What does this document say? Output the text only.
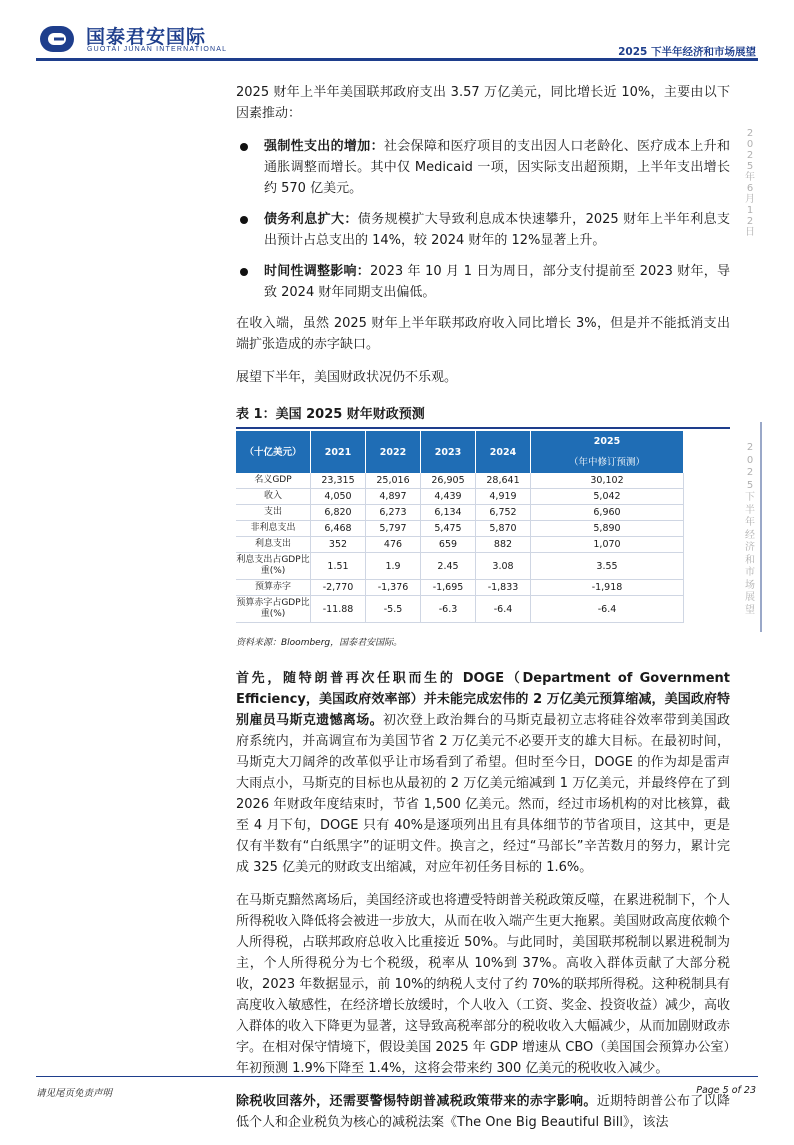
国泰君安国际
GUOTAI JUNAN INTERNATIONAL	2025 下半年经济和市场展望
2025年6月12日
2025下半年经济和市场展望

2025 财年上半年美国联邦政府支出 3.57 万亿美元，同比增长近 10%，主要由以下因素推动：

强制性支出的增加：社会保障和医疗项目的支出因人口老龄化、医疗成本上升和通胀调整而增长。其中仅 Medicaid 一项，因实际支出超预期，上半年支出增长约 570 亿美元。
债务利息扩大：债务规模扩大导致利息成本快速攀升，2025 财年上半年利息支出预计占总支出的 14%，较 2024 财年的 12%显著上升。
时间性调整影响：2023 年 10 月 1 日为周日，部分支付提前至 2023 财年，导致 2024 财年同期支出偏低。

在收入端，虽然 2025 财年上半年联邦政府收入同比增长 3%，但是并不能抵消支出端扩张造成的赤字缺口。

展望下半年，美国财政状况仍不乐观。

表 1：美国 2025 财年财政预测
（十亿美元）	2021	2022	2023	2024	2025
（年中修订预测）

名义GDP	23,315	25,016	26,905	28,641	30,102
收入	4,050	4,897	4,439	4,919	5,042
支出	6,820	6,273	6,134	6,752	6,960
非利息支出	6,468	5,797	5,475	5,870	5,890
利息支出	352	476	659	882	1,070
利息支出占GDP比重(%)	1.51	1.9	2.45	3.08	3.55
预算赤字	-2,770	-1,376	-1,695	-1,833	-1,918
预算赤字占GDP比重(%)	-11.88	-5.5	-6.3	-6.4	-6.4
资料来源：Bloomberg，国泰君安国际。

首先，随特朗普再次任职而生的 DOGE（Department of Government Efficiency，美国政府效率部）并未能完成宏伟的 2 万亿美元预算缩减，美国政府特别雇员马斯克遗憾离场。初次登上政治舞台的马斯克最初立志将硅谷效率带到美国政府系统内，并高调宣布为美国节省 2 万亿美元不必要开支的雄大目标。在最初时间，马斯克大刀阔斧的改革似乎让市场看到了希望。但时至今日，DOGE 的作为却是雷声大雨点小，马斯克的目标也从最初的 2 万亿美元缩减到 1 万亿美元，并最终停在了到 2026 年财政年度结束时，节省 1,500 亿美元。然而，经过市场机构的对比核算，截至 4 月下旬，DOGE 只有 40%是逐项列出且有具体细节的节省项目，这其中，更是仅有半数有“白纸黑字”的证明文件。换言之，经过“马部长”辛苦数月的努力，累计完成 325 亿美元的财政支出缩减，对应年初任务目标的 1.6%。

在马斯克黯然离场后，美国经济或也将遭受特朗普关税政策反噬，在累进税制下，个人所得税收入降低将会被进一步放大，从而在收入端产生更大拖累。美国财政高度依赖个人所得税，占联邦政府总收入比重接近 50%。与此同时，美国联邦税制以累进税制为主，个人所得税分为七个税级，税率从 10%到 37%。高收入群体贡献了大部分税收，2023 年数据显示，前 10%的纳税人支付了约 70%的联邦所得税。这种税制具有高度收入敏感性，在经济增长放缓时，个人收入（工资、奖金、投资收益）减少，高收入群体的收入下降更为显著，这导致高税率部分的税收收入大幅减少，从而加剧财政赤字。在相对保守情境下，假设美国 2025 年 GDP 增速从 CBO（美国国会预算办公室）年初预测 1.9%下降至 1.4%，这将会带来约 300 亿美元的税收收入减少。

除税收回落外，还需要警惕特朗普减税政策带来的赤字影响。近期特朗普公布了以降低个人和企业税负为核心的减税法案《The One Big Beautiful Bill》，该法

请见尾页免责声明	Page 5 of 23
